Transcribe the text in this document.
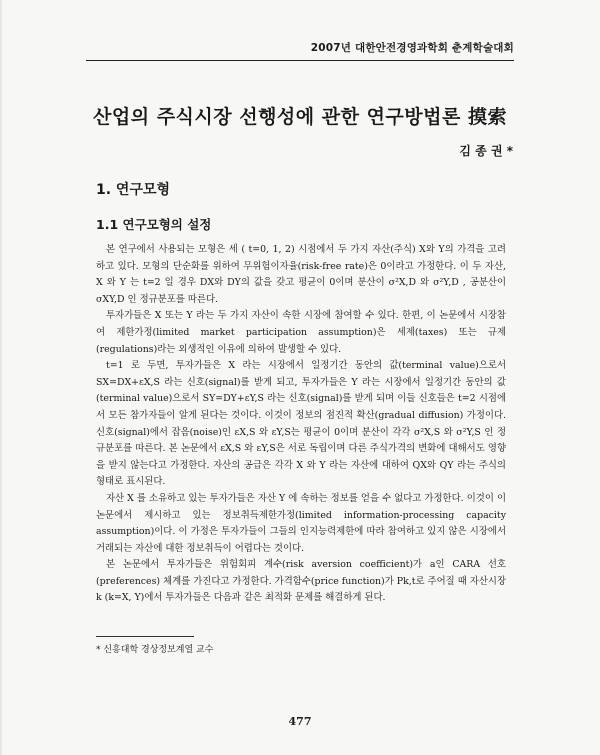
2007년 대한안전경영과학회 춘계학술대회
산업의 주식시장 선행성에 관한 연구방법론 摸索
김 종 권 *
1. 연구모형
1.1 연구모형의 설정

본 연구에서 사용되는 모형은 세 ( t=0, 1, 2) 시점에서 두 가지 자산(주식) X와 Y의 가격을 고려하고 있다. 모형의 단순화를 위하여 무위험이자율(risk-free rate)은 0이라고 가정한다. 이 두 자산, X 와 Y 는 t=2 일 경우 DX와 DY의 값을 갖고 평균이 0이며 분산이 σ²X,D 와 σ²Y,D , 공분산이 σXY,D 인 정규분포를 따른다.

투자가들은 X 또는 Y 라는 두 가지 자산이 속한 시장에 참여할 수 있다. 한편, 이 논문에서 시장참여 제한가정(limited market participation assumption)은 세제(taxes) 또는 규제(regulations)라는 외생적인 이유에 의하여 발생할 수 있다.

t=1 로 두면, 투자가들은 X 라는 시장에서 일정기간 동안의 값(terminal value)으로서 SX=DX+εX,S 라는 신호(signal)를 받게 되고, 투자가들은 Y 라는 시장에서 일정기간 동안의 값(terminal value)으로서 SY=DY+εY,S 라는 신호(signal)를 받게 되며 이들 신호들은 t=2 시점에서 모든 참가자들이 알게 된다는 것이다. 이것이 정보의 점진적 확산(gradual diffusion) 가정이다. 신호(signal)에서 잡음(noise)인 εX,S 와 εY,S는 평균이 0이며 분산이 각각 σ²X,S 와 σ²Y,S 인 정규분포를 따른다. 본 논문에서 εX,S 와 εY,S은 서로 독립이며 다른 주식가격의 변화에 대해서도 영향을 받지 않는다고 가정한다. 자산의 공급은 각각 X 와 Y 라는 자산에 대하여 QX와 QY 라는 주식의 형태로 표시된다.

자산 X 를 소유하고 있는 투자가들은 자산 Y 에 속하는 정보를 얻을 수 없다고 가정한다. 이것이 이 논문에서 제시하고 있는 정보취득제한가정(limited information-processing capacity assumption)이다. 이 가정은 투자가들이 그들의 인지능력제한에 따라 참여하고 있지 않은 시장에서 거래되는 자산에 대한 정보취득이 어렵다는 것이다.

본 논문에서 투자가들은 위험회피 계수(risk aversion coefficient)가 a인 CARA 선호(preferences) 체계를 가진다고 가정한다. 가격함수(price function)가 Pk,t로 주어질 때 자산시장 k (k=X, Y)에서 투자가들은 다음과 같은 최적화 문제를 해결하게 된다.

* 신흥대학 경상정보계열 교수
477
